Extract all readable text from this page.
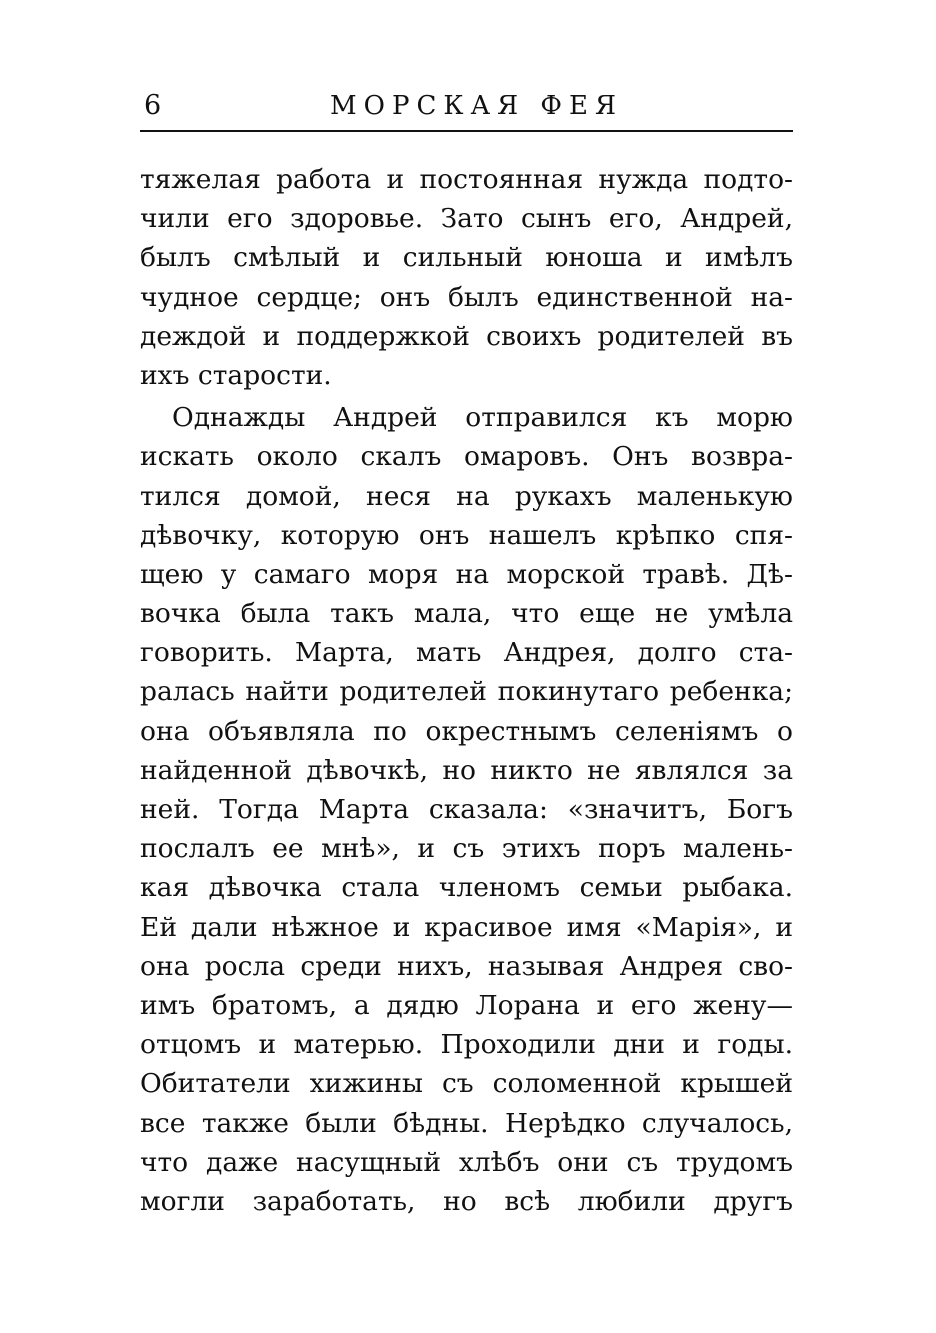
6	МОРСКАЯ ФЕЯ
тяжелая работа и постоянная нужда подто-
чили его здоровье. Зато сынъ его, Андрей,
былъ смѣлый и сильный юноша и имѣлъ
чудное сердце; онъ былъ единственной на-
деждой и поддержкой своихъ родителей въ
ихъ старости.
Однажды Андрей отправился къ морю
искать около скалъ омаровъ. Онъ возвра-
тился домой, неся на рукахъ маленькую
дѣвочку, которую онъ нашелъ крѣпко спя-
щею у самаго моря на морской травѣ. Дѣ-
вочка была такъ мала, что еще не умѣла
говорить. Марта, мать Андрея, долго ста-
ралась найти родителей покинутаго ребенка;
она объявляла по окрестнымъ селеніямъ о
найденной дѣвочкѣ, но никто не являлся за
ней. Тогда Марта сказала: «значитъ, Богъ
послалъ ее мнѣ», и съ этихъ поръ малень-
кая дѣвочка стала членомъ семьи рыбака.
Ей дали нѣжное и красивое имя «Марія», и
она росла среди нихъ, называя Андрея сво-
имъ братомъ, а дядю Лорана и его жену—
отцомъ и матерью. Проходили дни и годы.
Обитатели хижины съ соломенной крышей
все также были бѣдны. Нерѣдко случалось,
что даже насущный хлѣбъ они съ трудомъ
могли заработать, но всѣ любили другъ
